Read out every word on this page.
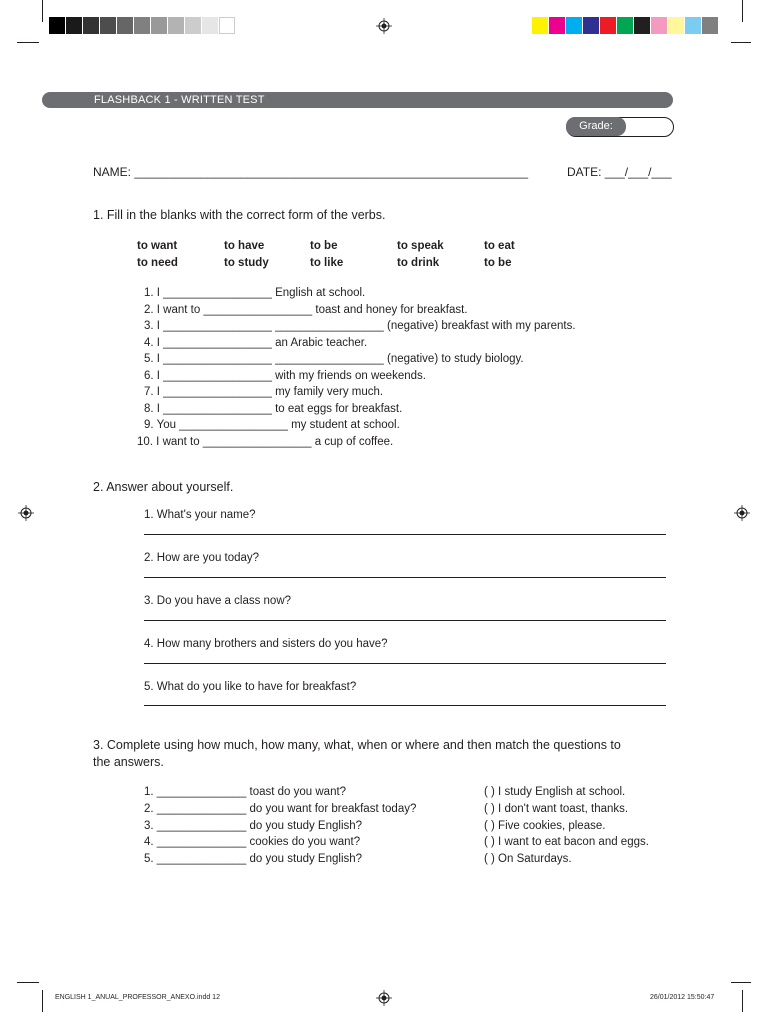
FLASHBACK 1 - WRITTEN TEST
Grade:
NAME: ___________________________________________________________	DATE: ___/___/___
1. Fill in the blanks with the correct form of the verbs.
to want	to have	to be	to speak	to eat
to need	to study	to like	to drink	to be
1. I _________________ English at school.
2. I want to _________________ toast and honey for breakfast.
3. I _________________ _________________ (negative) breakfast with my parents.
4. I _________________ an Arabic teacher.
5. I _________________ _________________ (negative) to study biology.
6. I _________________ with my friends on weekends.
7. I _________________ my family very much.
8. I _________________ to eat eggs for breakfast.
9. You _________________ my student at school.
10. I want to _________________ a cup of coffee.
2. Answer about yourself.
1. What's your name?
2. How are you today?
3. Do you have a class now?
4. How many brothers and sisters do you have?
5. What do you like to have for breakfast?
3. Complete using how much, how many, what, when or where and then match the questions to
the answers.
1. ______________ toast do you want?
2. ______________ do you want for breakfast today?
3. ______________ do you study English?
4. ______________ cookies do you want?
5. ______________ do you study English?
( ) I study English at school.
( ) I don't want toast, thanks.
( ) Five cookies, please.
( ) I want to eat bacon and eggs.
( ) On Saturdays.
ENGLISH 1_ANUAL_PROFESSOR_ANEXO.indd 12	26/01/2012 15:50:47
